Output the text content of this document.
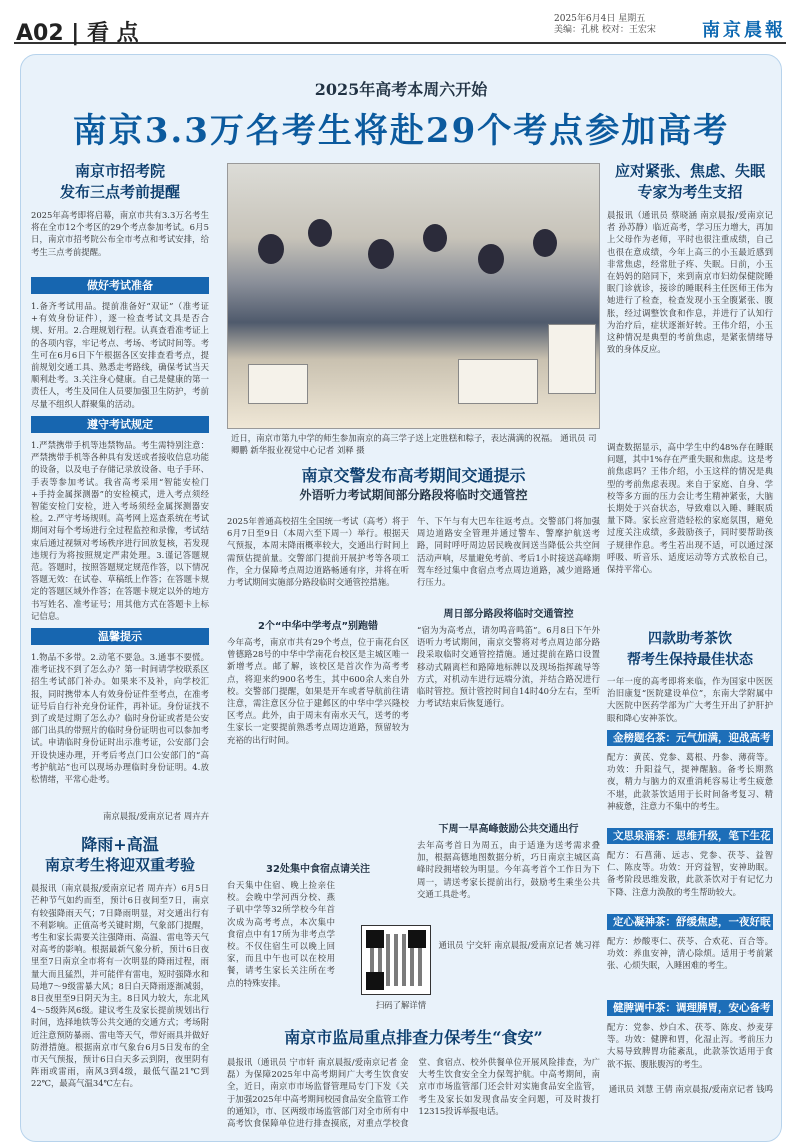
A02 | 看 点
2025年6月4日 星期五
美编：孔桃 校对：王宏宋	南京晨報
2025年高考本周六开始
南京3.3万名考生将赴29个考点参加高考
南京市招考院
发布三点考前提醒
2025年高考即将启幕，南京市共有3.3万名考生将在全市12个考区的29个考点参加考试。6月5日，南京市招考院公布全市考点和考试安排，给考生三点考前提醒。
做好考试准备
1.备齐考试用品。提前准备好“双证”（准考证+有效身份证件），逐一检查考试文具是否合规、好用。2.合理规划行程。认真查看准考证上的各项内容，牢记考点、考场、考试时间等。考生可在6月6日下午根据各区安排查看考点，提前规划交通工具、熟悉走考路线，确保考试当天顺利赴考。3.关注身心健康。自己是健康的第一责任人，考生及同住人员要加强卫生防护，考前尽量不组织人群聚集的活动。
遵守考试规定
1.严禁携带手机等违禁物品。考生需特别注意：严禁携带手机等各种具有发送或者接收信息功能的设备，以及电子存储记录放设备、电子手环、手表等参加考试。我省高考采用“智能安检门+手持金属探测器”的安检模式，进入考点须经智能安检门安检，进入考场须经金属探测器安检。2.严守考场规则。高考网上巡查系统在考试期间对每个考场进行全过程监控和录像，考试结束后通过视频对考场秩序进行回放复核，若发现违规行为将按照规定严肃处理。3.谨记答题规范。答题时，按照答题规定规范作答，以下情况答题无效：在试卷、草稿纸上作答；在答题卡规定的答题区域外作答；在答题卡规定以外的地方书写姓名、准考证号；用其他方式在答题卡上标记信息。
温馨提示
1.物品不多带。2.动笔不要急。3.通事不要慌。准考证找不到了怎么办？第一时间请学校联系区招生考试部门补办。如果来不及补，向学校汇报，同时携带本人有效身份证件至考点，在准考证号后自行补充身份证件，再补证。身份证找不到了或是过期了怎么办？临时身份证或者是公安部门出具的带照片的临时身份证明也可以参加考试。申请临时身份证时出示准考证，公安部门会开设快速办理，开考后考点门口公安部门的“高考护航站”也可以现场办理临时身份证明。4.放松情绪，平常心赴考。
南京晨报/爱南京记者 周卉卉
降雨+高温
南京考生将迎双重考验
晨报讯（南京晨报/爱南京记者 周卉卉）6月5日芒种节气如约而至，预计6日夜间至7日，南京有较强降雨天气；7日降雨明显，对交通出行有不利影响。正值高考关键时期，气象部门提醒，考生和家长需要关注强降雨、高温、雷电等天气对高考的影响。根据最新气象分析，预计6日夜里至7日南京全市将有一次明显的降雨过程，雨量大而且猛烈，并可能伴有雷电，短时强降水和局地7～9级雷暴大风；8日白天降雨逐渐减弱，8日夜里至9日阴天为主。8日风力较大，东北风4～5级阵风6级。建议考生及家长提前规划出行时间，选择地铁等公共交通的交通方式；考场附近注意预防暴雨、雷电等天气，带好雨具并做好防滑措施。根据南京市气象台6月5日发布的全市天气预报，预计6日白天多云到阴，夜里阴有阵雨或雷雨，南风3到4级，最低气温21℃到22℃，最高气温34℃左右。
近日，南京市第九中学的师生参加南京的高三学子送上定胜糕和粽子，表达满满的祝福。 通讯员 司卿鹏 新华报业视觉中心记者 刘释 摄
南京交警发布高考期间交通提示
外语听力考试期间部分路段将临时交通管控
2025年普通高校招生全国统一考试（高考）将于6月7日至9日（本周六至下周一）举行。根据天气预报，本周末降雨概率较大，交通出行时间上需预估提前量。交警部门提前开展护考等各项工作，全力保障考点周边道路畅通有序，并将在听力考试期间实施部分路段临时交通管控措施。
2个“中华中学考点”别跑错
今年高考，南京市共有29个考点，位于南花台区曾德路28号的中华中学南花台校区是主城区唯一新增考点。邮了解，该校区是首次作为高考考点，将迎来约900名考生，其中600余人来自外校。交警部门提醒，如果是开车或者导航前往请注意，需注意区分位于建邺区的中华中学兴隆校区考点。此外，由于周末有南水天气，送考的考生家长一定要提前熟悉考点周边道路，预留较为充裕的出行时间。
32处集中食宿点请关注
台天集中住宿、晚上捡亲住校。会晚中学河西分校、燕子矶中学等32所学校今年首次成为高考考点，本次集中食宿点中有17所为非考点学校。不仅住宿生可以晚上回家，而且中午也可以在校用餐，请考生家长关注所在考点的特殊安排。
扫码了解详情
午、下午与有大巴车往返考点。交警部门将加强周边道路安全管理并通过警车、警摩护航送考路，同时呼吁周边居民晚夜间送当降低公共空间活动声响，尽量避免考前、考后1小时接送高峰期驾车经过集中食宿点考点周边道路，减少道路通行压力。
周日部分路段将临时交通管控
“宿为为高考点，请勿鸣音鸣笛”。6月8日下午外语听力考试期间，南京交警将对考点周边部分路段采取临时交通管控措施。通过提前在路口设置移动式隔离栏和路障地标牌以及现场指挥疏导等方式，对机动车进行远端分流，并结合路况进行临时管控。预计管控时间自14时40分左右，至听力考试结束后恢复通行。
下周一早高峰鼓励公共交通出行
去年高考首日为周五，由于适逢为送考需求叠加，根据高德地图数据分析，巧日南京主城区高峰时段拥堵较为明显。今年高考首个工作日为下周一，请送考家长提前出行，鼓励考生乘坐公共交通工具赴考。
通讯员 宁交轩 南京晨报/爱南京记者 姚习祥
南京市监局重点排查力保考生“食安”
晨报讯（通讯员 宁市轩 南京晨报/爱南京记者 金磊）为保障2025年中高考期间广大考生饮食安全，近日，南京市市场监督管理局专门下发《关于加强2025年中高考期间校园食品安全监管工作的通知》，市、区两级市场监管部门对全市所有中高考饮食保障单位进行排查摸底，对重点学校食堂、食宿点、校外供餐单位开展风险排查，为广大考生饮食安全全力保驾护航。中高考期间，南京市市场监管部门还会针对实施食品安全监管，考生及家长如发现食品安全问题，可及时拨打12315投诉举报电话。
应对紧张、焦虑、失眠
专家为考生支招
晨报讯（通讯员 蔡晓涵 南京晨报/爱南京记者 孙苏静）临近高考，学习压力增大，再加上父母作为老师，平时也很注重成绩，自己也很在意成绩，今年上高三的小玉最近感到非常焦虑，经常肚子疼、失眠。日前，小玉在妈妈的陪同下，来到南京市妇幼保健院睡眠门诊就诊，接诊的睡眠科主任医师王伟为她进行了检查，检查发现小玉全腹紧张、腹胀，经过调整饮食和作息，并进行了认知行为治疗后，症状逐渐好转。王伟介绍，小玉这种情况是典型的考前焦虑，是紧张情绪导致的身体反应。
调查数据显示，高中学生中约48%存在睡眠问题，其中1%存在严重失眠和焦虑。这是考前焦虑吗？王伟介绍，小玉这样的情况是典型的考前焦虑表现。来自于家庭、自身、学校等多方面的压力会让考生精神紧张，大脑长期处于兴奋状态，导致难以入睡、睡眠质量下降。家长应营造轻松的家庭氛围，避免过度关注成绩，多鼓励孩子，同时要帮助孩子规律作息。考生若出现不适，可以通过深呼吸、听音乐、适度运动等方式放松自己，保持平常心。
四款助考茶饮
帮考生保持最佳状态
一年一度的高考即将来临，作为国家中医医治旧康复“医院建设单位”，东南大学附属中大医院中医药学部为广大考生开出了护肝护眼和降心安神茶饮。
金榜题名茶：元气加满，迎战高考
配方：黄芪、党参、葛根、丹参、薄荷等。功效：升阳益气，提神醒脑。备考长期熬夜，精力与脑力的双重消耗容易让考生疲惫不堪，此款茶饮适用于长时间备考复习、精神疲惫，注意力不集中的考生。
文思泉涌茶：思维升级，笔下生花
配方：石菖蒲、远志、党参、茯苓、益智仁、陈皮等。功效：开窍益智，安神助眠。备考阶段思维发散，此款茶饮对于有记忆力下降、注意力涣散的考生帮助较大。
定心凝神茶：舒缓焦虑，一夜好眠
配方：炒酸枣仁、茯苓、合欢花、百合等。功效：养血安神，清心除烦。适用于考前紧张、心烦失眠，入睡困难的考生。
健脾调中茶：调理脾胃，安心备考
配方：党参、炒白术、茯苓、陈皮、炒麦芽等。功效：健脾和胃，化湿止泻。考前压力大易导致脾胃功能紊乱，此款茶饮适用于食欲不振、腹胀腹泻的考生。
通讯员 刘慧 王倩 南京晨报/爱南京记者 钱鸣
